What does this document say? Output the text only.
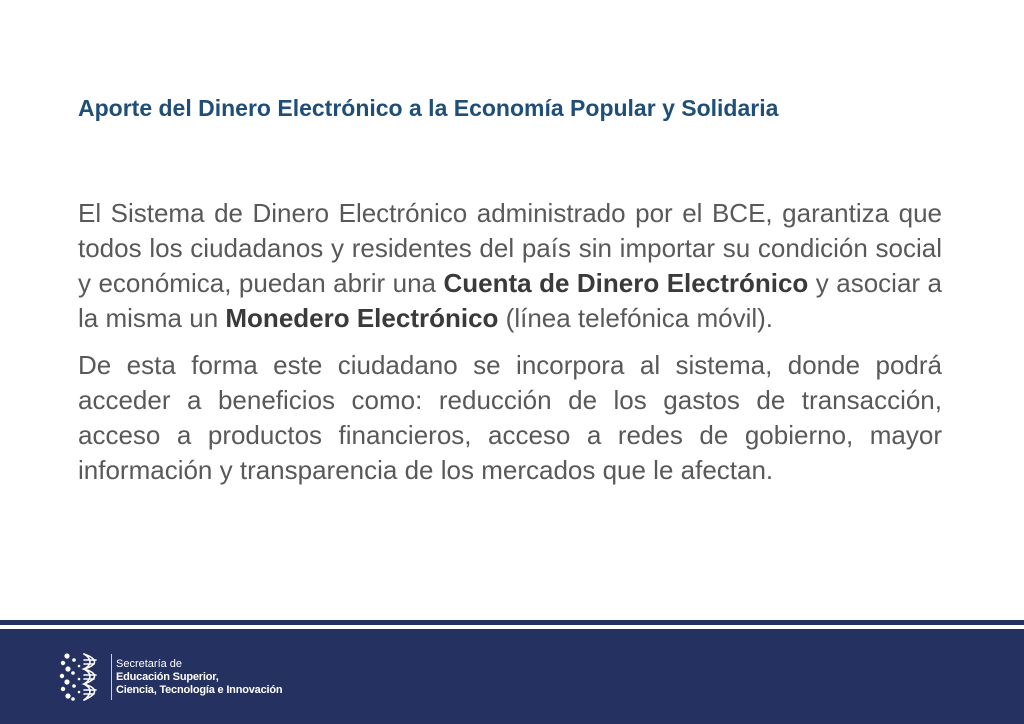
Aporte del Dinero Electrónico a la Economía Popular y Solidaria

El Sistema de Dinero Electrónico administrado por el BCE, garantiza que todos los ciudadanos y residentes del país sin importar su condición social y económica, puedan abrir una Cuenta de Dinero Electrónico y asociar a la misma un Monedero Electrónico (línea telefónica móvil).

De esta forma este ciudadano se incorpora al sistema, donde podrá acceder a beneficios como: reducción de los gastos de transacción, acceso a productos financieros, acceso a redes de gobierno, mayor información y transparencia de los mercados que le afectan.

Secretaría de
Educación Superior,
Ciencia, Tecnología e Innovación
